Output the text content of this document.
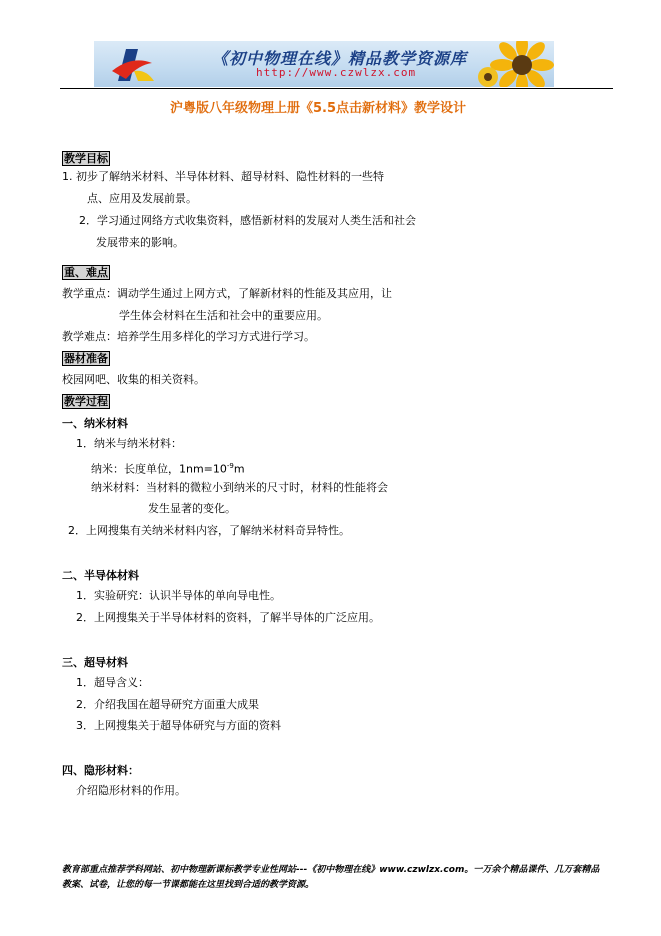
《初中物理在线》精品教学资源库
http://www.czwlzx.com
沪粤版八年级物理上册《5.5点击新材料》教学设计
教学目标
1. 初步了解纳米材料、半导体材料、超导材料、隐性材料的一些特
点、应用及发展前景。
2．学习通过网络方式收集资料，感悟新材料的发展对人类生活和社会
发展带来的影响。
重、难点
教学重点：调动学生通过上网方式，了解新材料的性能及其应用，让
学生体会材料在生活和社会中的重要应用。
教学难点：培养学生用多样化的学习方式进行学习。
器材准备
校园网吧、收集的相关资料。
教学过程
一、纳米材料
1．纳米与纳米材料：
纳米：长度单位，$1nm=10^{-9}m$
纳米材料：当材料的微粒小到纳米的尺寸时，材料的性能将会
发生显著的变化。
2．上网搜集有关纳米材料内容，了解纳米材料奇异特性。
二、半导体材料
1．实验研究：认识半导体的单向导电性。
2．上网搜集关于半导体材料的资料，了解半导体的广泛应用。
三、超导材料
1．超导含义：
2．介绍我国在超导研究方面重大成果
3．上网搜集关于超导体研究与方面的资料
四、隐形材料：
介绍隐形材料的作用。
教育部重点推荐学科网站、初中物理新课标教学专业性网站---《初中物理在线》www.czwlzx.com。一万余个精品课件、几万套精品教案、试卷，让您的每一节课都能在这里找到合适的教学资源。
